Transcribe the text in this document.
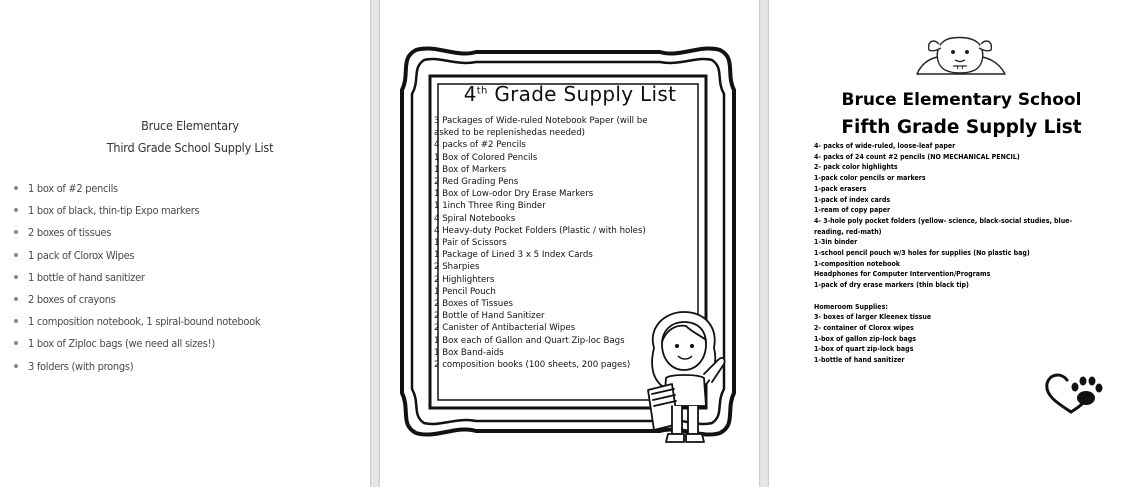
Bruce Elementary
Third Grade School Supply List
1 box of #2 pencils
1 box of black, thin-tip Expo markers
2 boxes of tissues
1 pack of Clorox Wipes
1 bottle of hand sanitizer
2 boxes of crayons
1 composition notebook, 1 spiral-bound notebook
1 box of Ziploc bags (we need all sizes!)
3 folders (with prongs)
4th Grade Supply List
3 Packages of Wide-ruled Notebook Paper (will be asked to be replenishedas needed)
4 packs of #2 Pencils
1 Box of Colored Pencils
1 Box of Markers
2 Red Grading Pens
1 Box of Low-odor Dry Erase Markers
1 1inch Three Ring Binder
4 Spiral Notebooks
4 Heavy-duty Pocket Folders (Plastic / with holes)
1 Pair of Scissors
1 Package of Lined 3 x 5 Index Cards
2 Sharpies
2 Highlighters
1 Pencil Pouch
2 Boxes of Tissues
2 Bottle of Hand Sanitizer
2 Canister of Antibacterial Wipes
1 Box each of Gallon and Quart Zip-loc Bags
1 Box Band-aids
2 composition books (100 sheets, 200 pages)
Bruce Elementary School
Fifth Grade Supply List
4- packs of wide-ruled, loose-leaf paper
4- packs of 24 count #2 pencils (NO MECHANICAL PENCIL)
2- pack color highlights
1-pack color pencils or markers
1-pack erasers
1-pack of index cards
1-ream of copy paper
4- 3-hole poly pocket folders (yellow- science, black-social studies, blue-reading, red-math)
1-3in binder
1-school pencil pouch w/3 holes for supplies (No plastic bag)
1-composition notebook
Headphones for Computer Intervention/Programs
1-pack of dry erase markers (thin black tip)
Homeroom Supplies:
3- boxes of larger Kleenex tissue
2- container of Clorox wipes
1-box of gallon zip-lock bags
1-box of quart zip-lock bags
1-bottle of hand sanitizer
